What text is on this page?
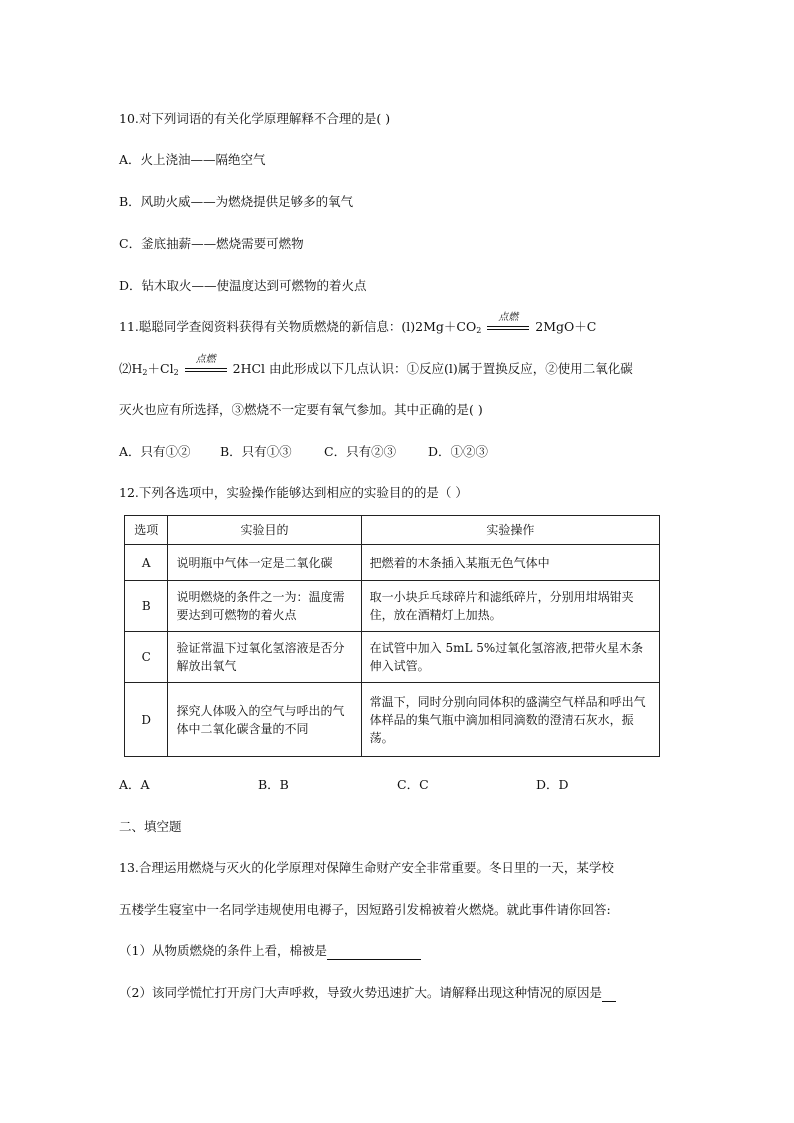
10.对下列词语的有关化学原理解释不合理的是( )
A．火上浇油——隔绝空气
B．风助火威——为燃烧提供足够多的氧气
C．釜底抽薪——燃烧需要可燃物
D．钻木取火——使温度达到可燃物的着火点
11.聪聪同学查阅资料获得有关物质燃烧的新信息：$(l)2Mg+CO_2$
点燃
2MgO＋C
$⑵H_2+Cl_2$
点燃
2HCl 由此形成以下几点认识：①反应(l)属于置换反应，②使用二氧化碳
灭火也应有所选择，③燃烧不一定要有氧气参加。其中正确的是( )
A．只有①② B．只有①③	C．只有②③	D．①②③
12.下列各选项中，实验操作能够达到相应的实验目的的是（ ）
选项	实验目的	实验操作
A	说明瓶中气体一定是二氧化碳	把燃着的木条插入某瓶无色气体中
B	说明燃烧的条件之一为：温度需要达到可燃物的着火点	取一小块乒乓球碎片和滤纸碎片，分别用坩埚钳夹住，放在酒精灯上加热。
C	验证常温下过氧化氢溶液是否分解放出氧气	在试管中加入 5mL 5%过氧化氢溶液,把带火星木条伸入试管。
D	探究人体吸入的空气与呼出的气体中二氧化碳含量的不同	常温下，同时分别向同体积的盛满空气样品和呼出气体样品的集气瓶中滴加相同滴数的澄清石灰水，振荡。
A．A	B．B	C．C	D．D
二、填空题
13.合理运用燃烧与灭火的化学原理对保障生命财产安全非常重要。冬日里的一天，某学校
五楼学生寝室中一名同学违规使用电褥子，因短路引发棉被着火燃烧。就此事件请你回答:
（1）从物质燃烧的条件上看，棉被是
（2）该同学慌忙打开房门大声呼救，导致火势迅速扩大。请解释出现这种情况的原因是
